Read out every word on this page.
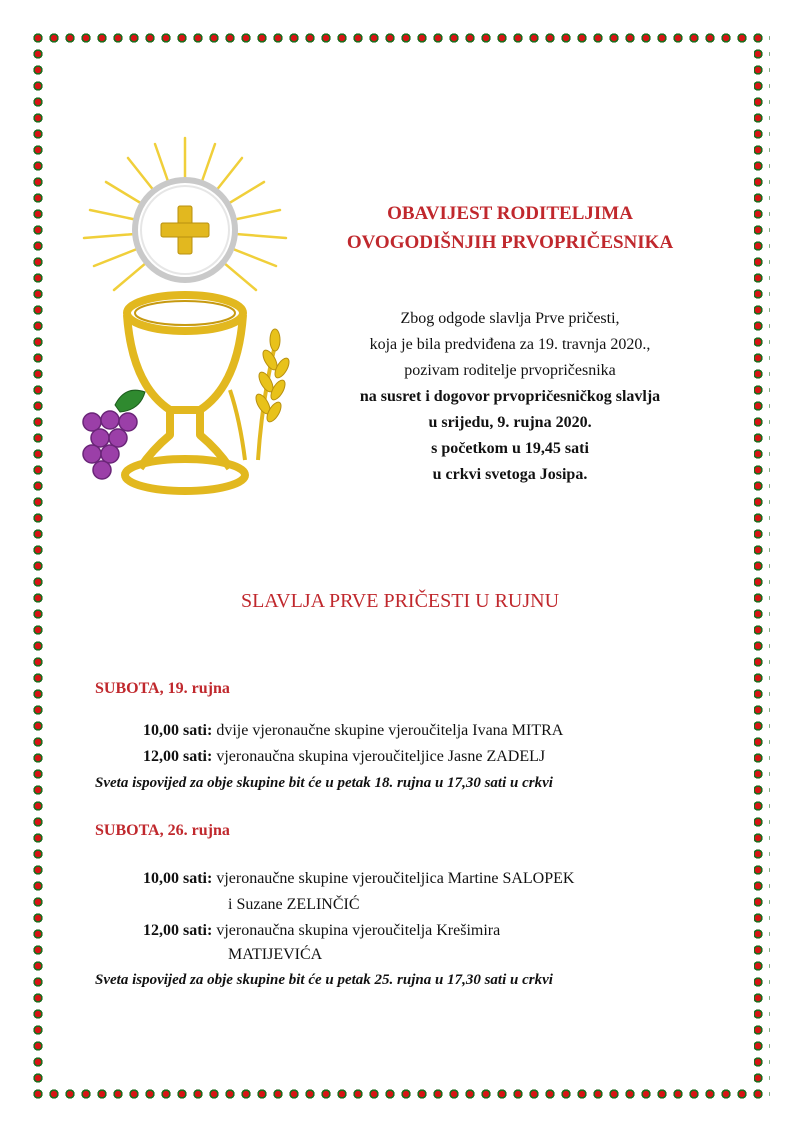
OBAVIJEST RODITELJIMA
OVOGODIŠNJIH PRVOPRIČESNIKA
Zbog odgode slavlja Prve pričesti,
koja je bila predviđena za 19. travnja 2020.,
pozivam roditelje prvopričesnika
na susret i dogovor prvopričesničkog slavlja
u srijedu, 9. rujna 2020.
s početkom u 19,45 sati
u crkvi svetoga Josipa.
SLAVLJA PRVE PRIČESTI U RUJNU
SUBOTA, 19. rujna
10,00 sati: dvije vjeronaučne skupine vjeroučitelja Ivana MITRA
12,00 sati: vjeronaučna skupina vjeroučiteljice Jasne ZADELJ
Sveta ispovijed za obje skupine bit će u petak 18. rujna u 17,30 sati u crkvi
SUBOTA, 26. rujna
10,00 sati: vjeronaučne skupine vjeroučiteljica Martine SALOPEK
i Suzane ZELINČIĆ
12,00 sati: vjeronaučna skupina vjeroučitelja Krešimira
MATIJEVIĆA
Sveta ispovijed za obje skupine bit će u petak 25. rujna u 17,30 sati u crkvi
